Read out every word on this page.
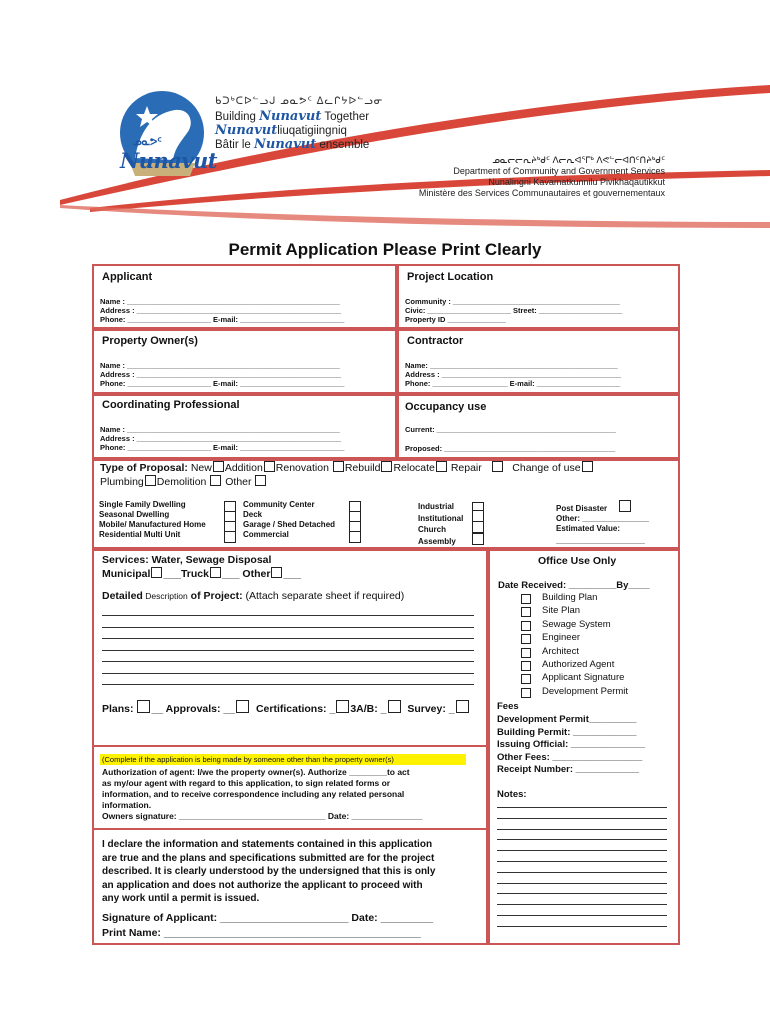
ᓄᓇᕗᑦ
Nunavut
ᑲᑐᒃᑕᐅᓪᓗᒍ ᓄᓇᕗᑦ ᐃᓚᒋᔭᐅᓪᓗᓂ
Building Nunavut Together
Nunavutliuqatigiingniq
Bâtir le Nunavut ensemble
ᓄᓇᓕᓕᕆᔨᒃᑯᑦ ᐱᓕᕆᐊᕐᒥᒃ ᐱᕙᓪᓕᐊᑎᑦᑎᔨᒃᑯᑦ
Department of Community and Government Services
Nunalingni Kavamatkunnilu Pivikhaqautikkut
Ministère des Services Communautaires et gouvernementaux
Permit Application Please Print Clearly
Applicant
Name : ___________________________________________________
Address : _________________________________________________
Phone: ____________________ E-mail: _________________________
Project Location
Community : ________________________________________
Civic: ____________________ Street: ____________________
Property ID ______________
Property Owner(s)
Name : ___________________________________________________
Address : _________________________________________________
Phone: ____________________ E-mail: _________________________
Contractor
Name: _____________________________________________
Address : ___________________________________________
Phone: __________________ E-mail: ____________________
Coordinating Professional
Name : ___________________________________________________
Address : _________________________________________________
Phone: ____________________ E-mail: _________________________
Occupancy use
Current: ___________________________________________
Proposed: _________________________________________
Type of Proposal: New Addition Renovation Rebuild Relocate Repair	Change of use
Plumbing Demolition Other
Single Family Dwelling
Seasonal Dwelling
Mobile/ Manufactured Home
Residential Multi Unit
Community Center
Deck
Garage / Shed Detached
Commercial
Industrial
Institutional
Church
Assembly
Post Disaster
Other: _______________
Estimated Value:
____________________
Services: Water, Sewage Disposal
Municipal ___Truck ___ Other ___
Detailed Description of Project: (Attach separate sheet if required)
Plans: __ Approvals: __ Certifications: _ 3A/B: _ Survey: _
(Complete if the application is being made by someone other than the property owner(s)
Authorization of agent: I/we the property owner(s). Authorize ________to act
as my/our agent with regard to this application, to sign related forms or
information, and to receive correspondence including any related personal
information.
Owners signature: _______________________________ Date: _______________
I declare the information and statements contained in this application
are true and the plans and specifications submitted are for the project
described. It is clearly understood by the undersigned that this is only
an application and does not authorize the applicant to proceed with
any work until a permit is issued.
Signature of Applicant: ______________________ Date: _________
Print Name: ____________________________________________
Office Use Only
Date Received: _________By____
Building Plan
Site Plan
Sewage System
Engineer
Architect
Authorized Agent
Applicant Signature
Development Permit
Fees
Development Permit_________
Building Permit: ____________
Issuing Official: ______________
Other Fees: _________________
Receipt Number: ____________
Notes:
